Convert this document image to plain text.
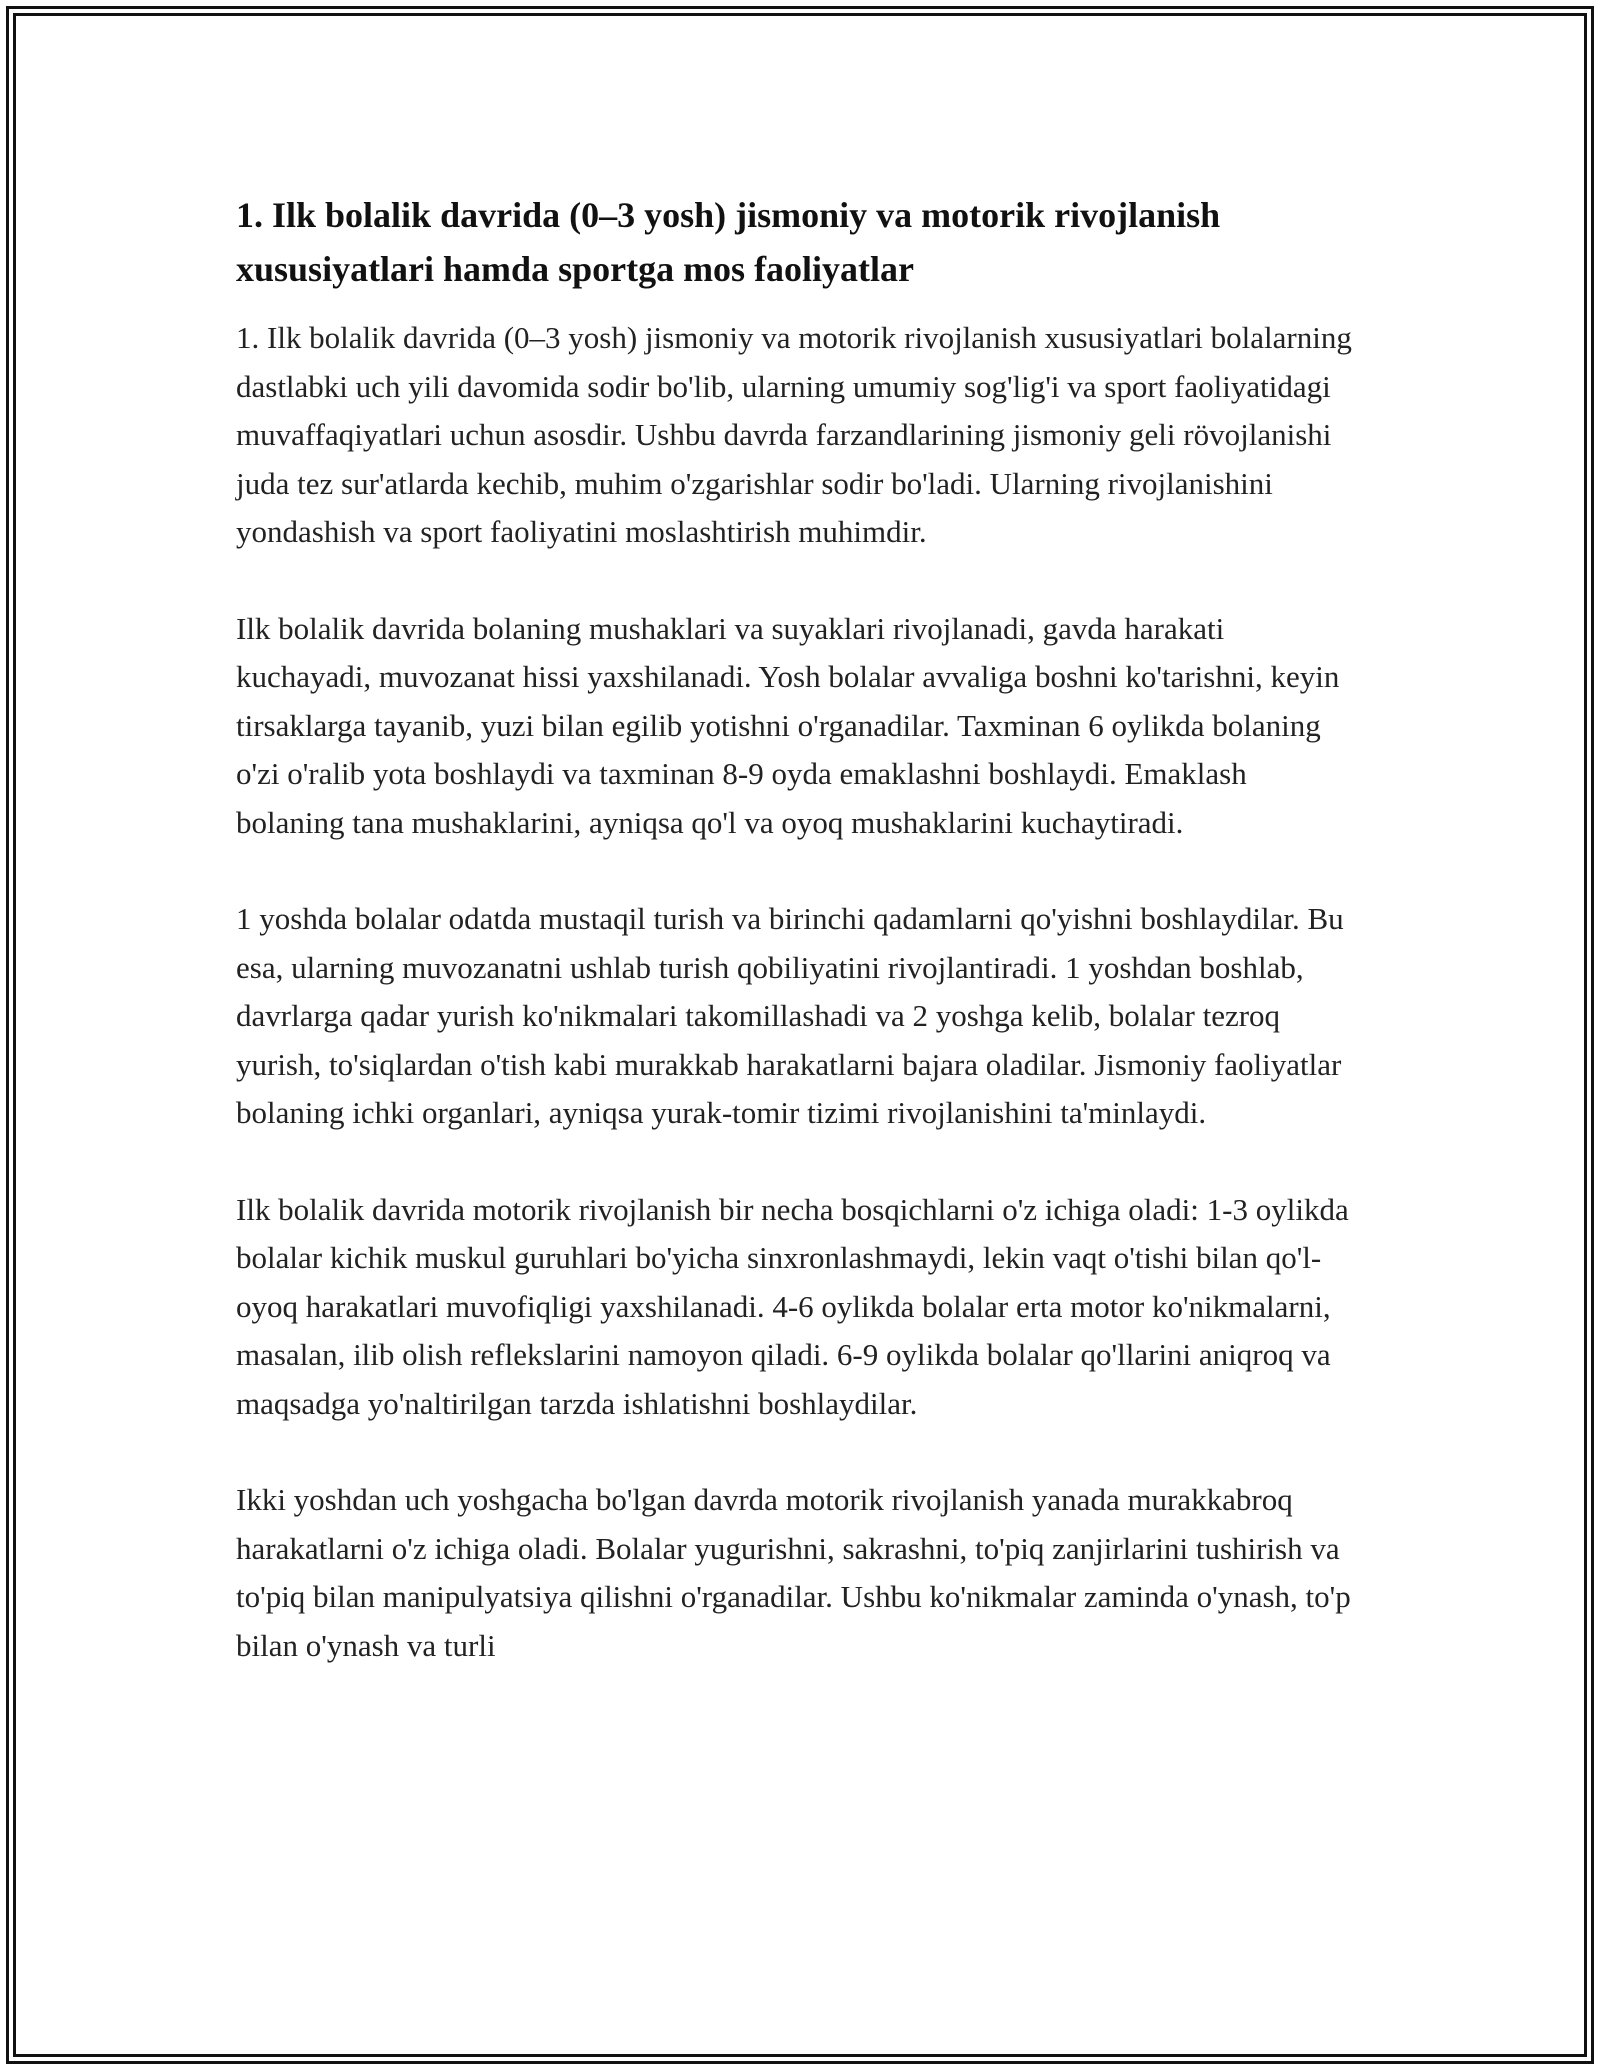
1. Ilk bolalik davrida (0–3 yosh) jismoniy va motorik rivojlanish xususiyatlari hamda sportga mos faoliyatlar

1. Ilk bolalik davrida (0–3 yosh) jismoniy va motorik rivojlanish xususiyatlari bolalarning dastlabki uch yili davomida sodir bo'lib, ularning umumiy sog'lig'i va sport faoliyatidagi muvaffaqiyatlari uchun asosdir. Ushbu davrda farzandlarining jismoniy geli rövojlanishi juda tez sur'atlarda kechib, muhim o'zgarishlar sodir bo'ladi. Ularning rivojlanishini yondashish va sport faoliyatini moslashtirish muhimdir.

Ilk bolalik davrida bolaning mushaklari va suyaklari rivojlanadi, gavda harakati kuchayadi, muvozanat hissi yaxshilanadi. Yosh bolalar avvaliga boshni ko'tarishni, keyin tirsaklarga tayanib, yuzi bilan egilib yotishni o'rganadilar. Taxminan 6 oylikda bolaning o'zi o'ralib yota boshlaydi va taxminan 8-9 oyda emaklashni boshlaydi. Emaklash bolaning tana mushaklarini, ayniqsa qo'l va oyoq mushaklarini kuchaytiradi.

1 yoshda bolalar odatda mustaqil turish va birinchi qadamlarni qo'yishni boshlaydilar. Bu esa, ularning muvozanatni ushlab turish qobiliyatini rivojlantiradi. 1 yoshdan boshlab, davrlarga qadar yurish ko'nikmalari takomillashadi va 2 yoshga kelib, bolalar tezroq yurish, to'siqlardan o'tish kabi murakkab harakatlarni bajara oladilar. Jismoniy faoliyatlar bolaning ichki organlari, ayniqsa yurak-tomir tizimi rivojlanishini ta'minlaydi.

Ilk bolalik davrida motorik rivojlanish bir necha bosqichlarni o'z ichiga oladi: 1-3 oylikda bolalar kichik muskul guruhlari bo'yicha sinxronlashmaydi, lekin vaqt o'tishi bilan qo'l-oyoq harakatlari muvofiqligi yaxshilanadi. 4-6 oylikda bolalar erta motor ko'nikmalarni, masalan, ilib olish reflekslarini namoyon qiladi. 6-9 oylikda bolalar qo'llarini aniqroq va maqsadga yo'naltirilgan tarzda ishlatishni boshlaydilar.

Ikki yoshdan uch yoshgacha bo'lgan davrda motorik rivojlanish yanada murakkabroq harakatlarni o'z ichiga oladi. Bolalar yugurishni, sakrashni, to'piq zanjirlarini tushirish va to'piq bilan manipulyatsiya qilishni o'rganadilar. Ushbu ko'nikmalar zaminda o'ynash, to'p bilan o'ynash va turli
